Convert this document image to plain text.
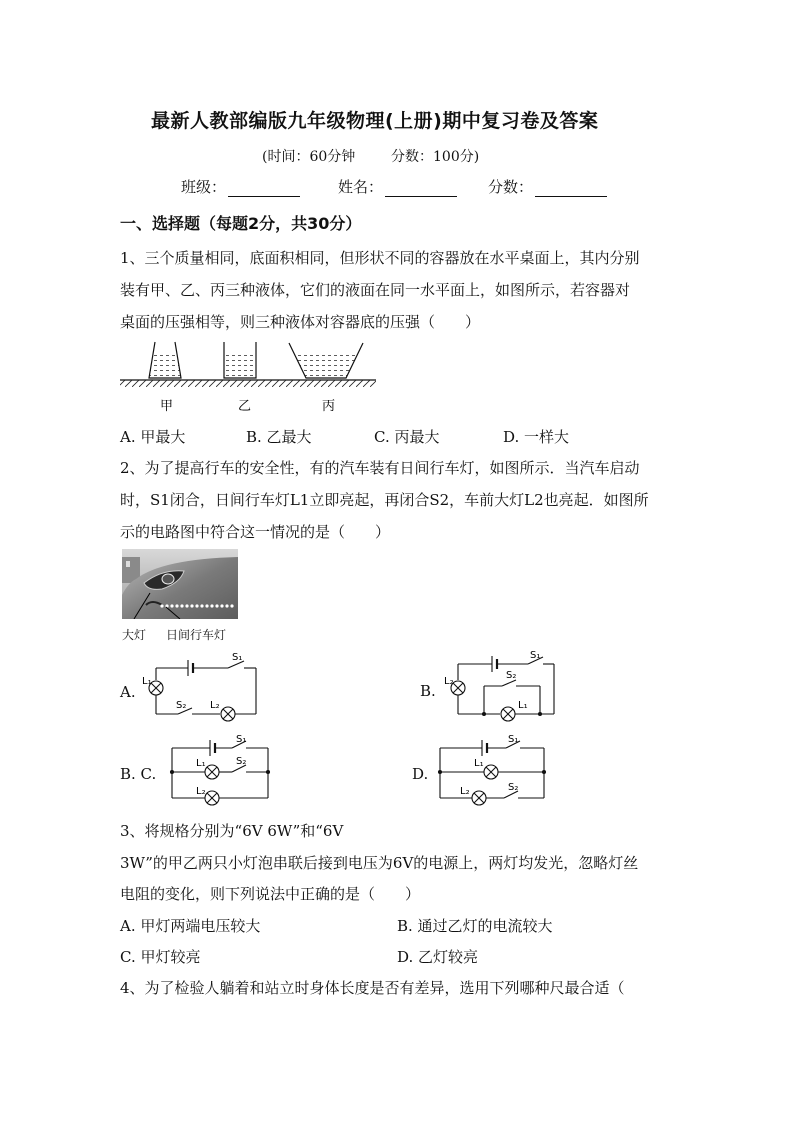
最新人教部编版九年级物理(上册)期中复习卷及答案
(时间：60分钟	分数：100分)
班级：	姓名：	分数：
一、选择题（每题2分，共30分）
1、三个质量相同，底面积相同，但形状不同的容器放在水平桌面上，其内分别
装有甲、乙、丙三种液体，它们的液面在同一水平面上，如图所示，若容器对
桌面的压强相等，则三种液体对容器底的压强（　　）
甲	乙	丙
A. 甲最大	B. 乙最大	C. 丙最大	D. 一样大
2、为了提高行车的安全性，有的汽车装有日间行车灯，如图所示．当汽车启动
时，S1闭合，日间行车灯L1立即亮起，再闭合S2，车前大灯L2也亮起．如图所
示的电路图中符合这一情况的是（　　）
大灯 日间行车灯
A.
S₁
L₁
S₂ L₂
B.
S₁
L₂
S₂
L₁
B. C.
S₁
L₁	S₂
L₂
D.
S₁
L₁
L₂	S₂
3、将规格分别为“6V 6W”和“6V
3W”的甲乙两只小灯泡串联后接到电压为6V的电源上，两灯均发光，忽略灯丝
电阻的变化，则下列说法中正确的是（　　）
A. 甲灯两端电压较大	B. 通过乙灯的电流较大
C. 甲灯较亮	D. 乙灯较亮
4、为了检验人躺着和站立时身体长度是否有差异，选用下列哪种尺最合适（
